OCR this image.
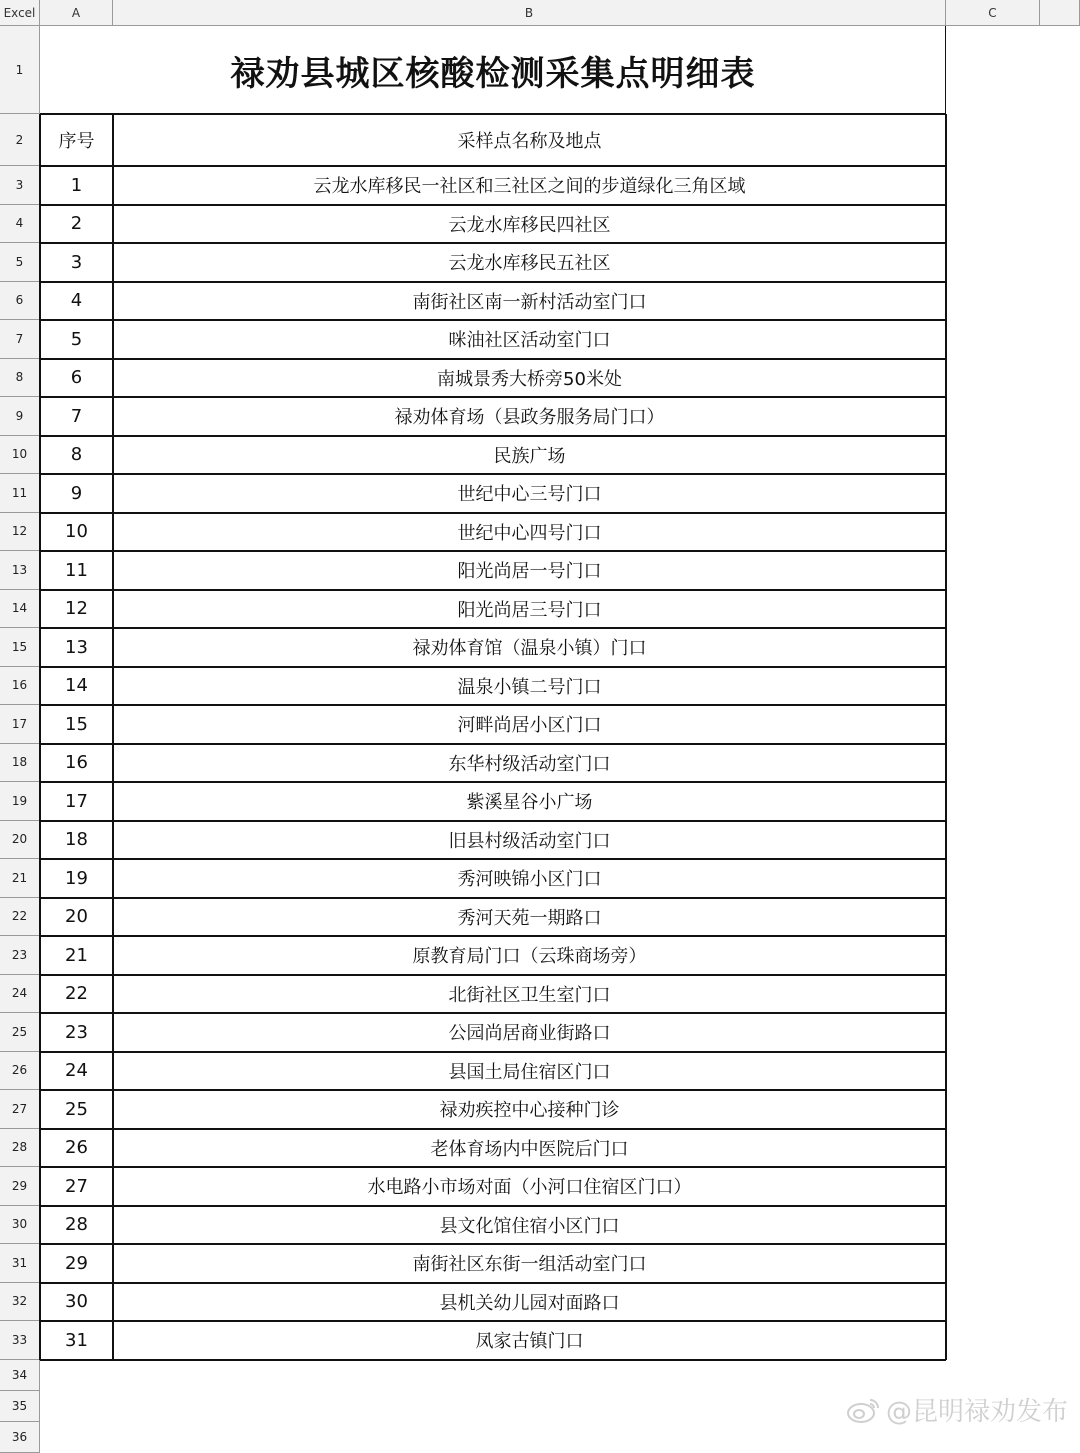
Excel	A	B	C
1
2
3
4
5
6
7
8
9
10
11
12
13
14
15
16
17
18
19
20
21
22
23
24
25
26
27
28
29
30
31
32
33
34
35
36
禄劝县城区核酸检测采集点明细表
序号	采样点名称及地点
1	云龙水库移民一社区和三社区之间的步道绿化三角区域
2	云龙水库移民四社区
3	云龙水库移民五社区
4	南街社区南一新村活动室门口
5	咪油社区活动室门口
6	南城景秀大桥旁50米处
7	禄劝体育场（县政务服务局门口）
8	民族广场
9	世纪中心三号门口
10	世纪中心四号门口
11	阳光尚居一号门口
12	阳光尚居三号门口
13	禄劝体育馆（温泉小镇）门口
14	温泉小镇二号门口
15	河畔尚居小区门口
16	东华村级活动室门口
17	紫溪星谷小广场
18	旧县村级活动室门口
19	秀河映锦小区门口
20	秀河天苑一期路口
21	原教育局门口（云珠商场旁）
22	北街社区卫生室门口
23	公园尚居商业街路口
24	县国土局住宿区门口
25	禄劝疾控中心接种门诊
26	老体育场内中医院后门口
27	水电路小市场对面（小河口住宿区门口）
28	县文化馆住宿小区门口
29	南街社区东街一组活动室门口
30	县机关幼儿园对面路口
31	凤家古镇门口
@昆明禄劝发布
